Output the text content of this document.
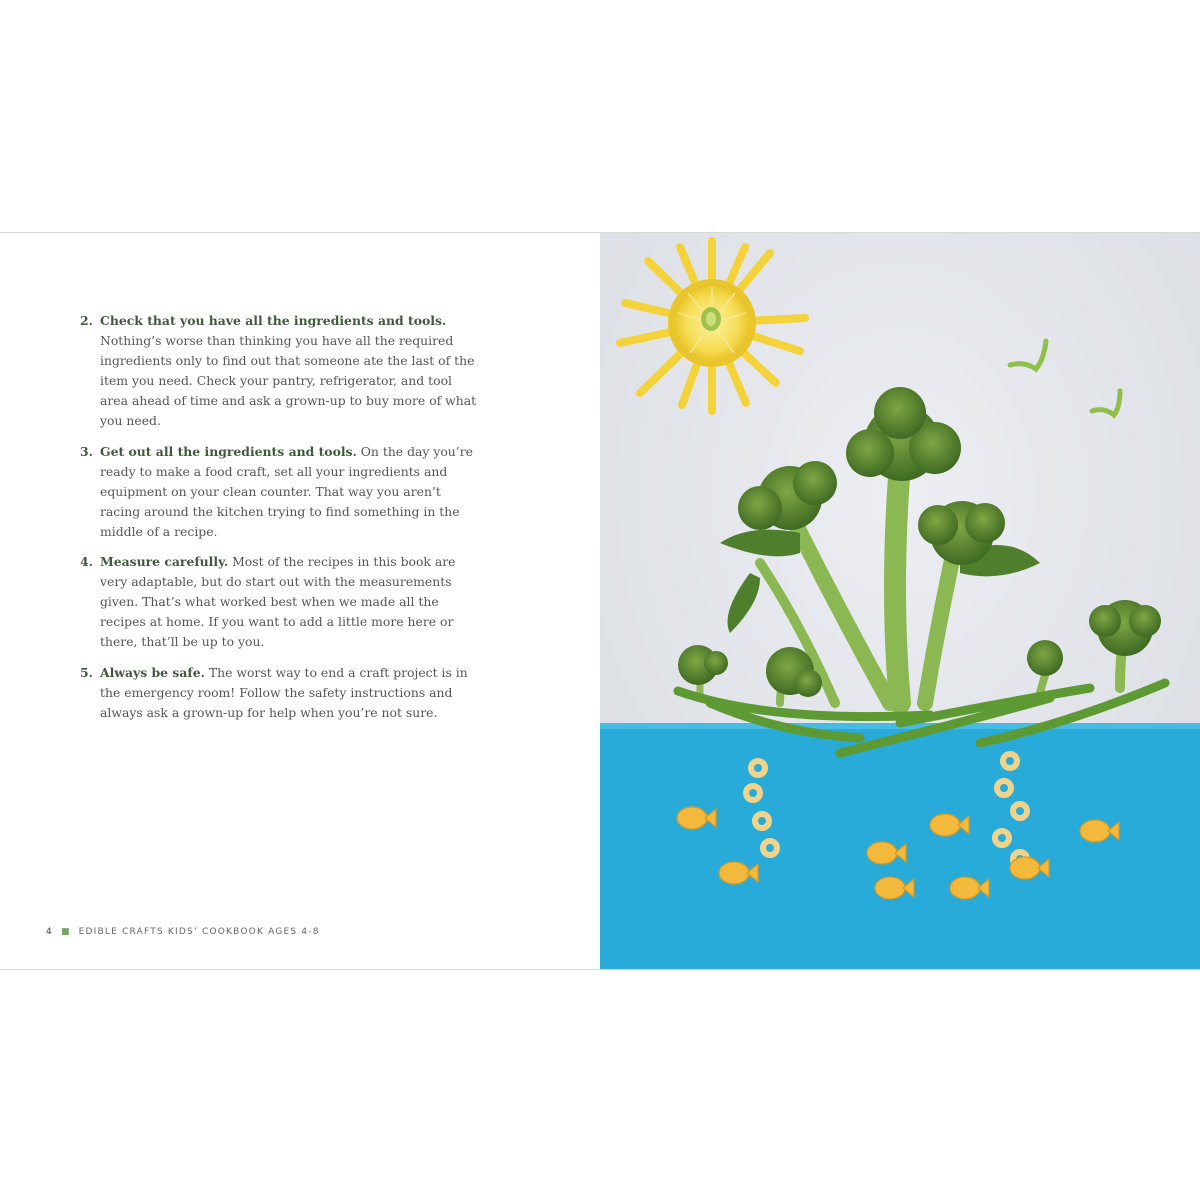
2. Check that you have all the ingredients and tools. Nothing’s worse than thinking you have all the required ingredients only to find out that someone ate the last of the item you need. Check your pantry, refrigerator, and tool area ahead of time and ask a grown-up to buy more of what you need.
3. Get out all the ingredients and tools. On the day you’re ready to make a food craft, set all your ingredients and equipment on your clean counter. That way you aren’t racing around the kitchen trying to find something in the middle of a recipe.
4. Measure carefully. Most of the recipes in this book are very adaptable, but do start out with the measurements given. That’s what worked best when we made all the recipes at home. If you want to add a little more here or there, that’ll be up to you.
5. Always be safe. The worst way to end a craft project is in the emergency room! Follow the safety instructions and always ask a grown-up for help when you’re not sure.
4 ■ EDIBLE CRAFTS KIDS’ COOKBOOK AGES 4-8
